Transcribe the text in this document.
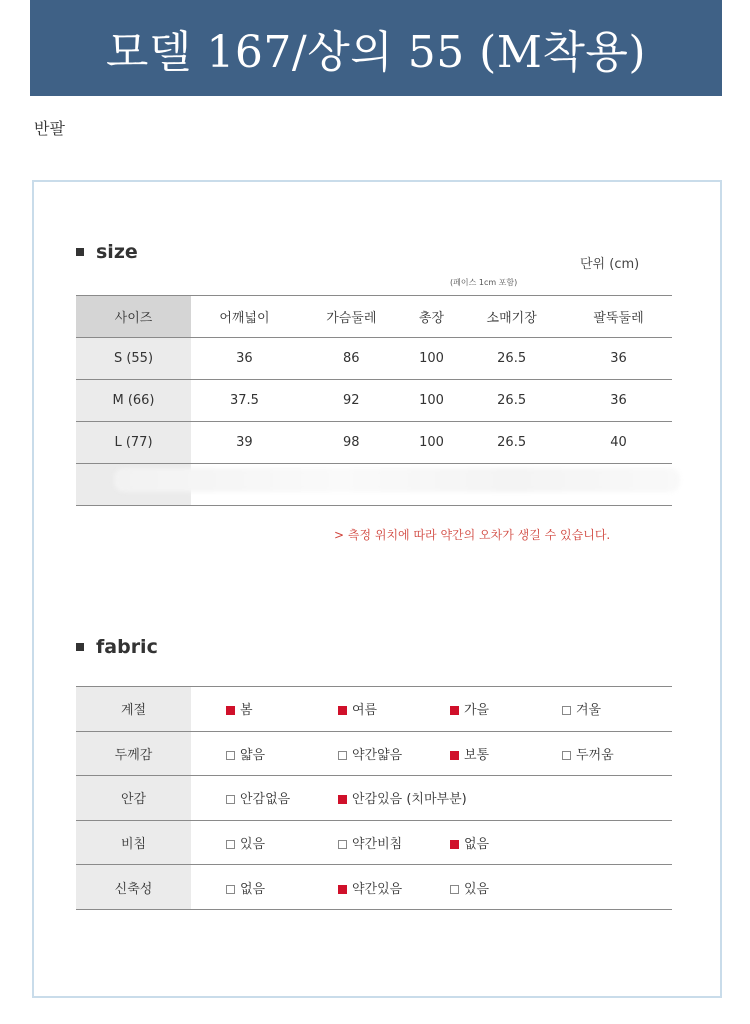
모델 167/상의 55 (M착용)
반팔
size
단위 (cm)
(페이스 1cm 포함)
사이즈	어깨넓이	가슴둘레	총장	소매기장	팔뚝둘레
S (55)	36	86	100	26.5	36
M (66)	37.5	92	100	26.5	36
L (77)	39	98	100	26.5	40

> 측정 위치에 따라 약간의 오차가 생길 수 있습니다.
fabric
계절	봄	여름	가을	겨울
두께감	얇음	약간얇음	보통	두꺼움
안감	안감없음	안감있음 (치마부분)		
비침	있음	약간비침	없음	
신축성	없음	약간있음	있음	
